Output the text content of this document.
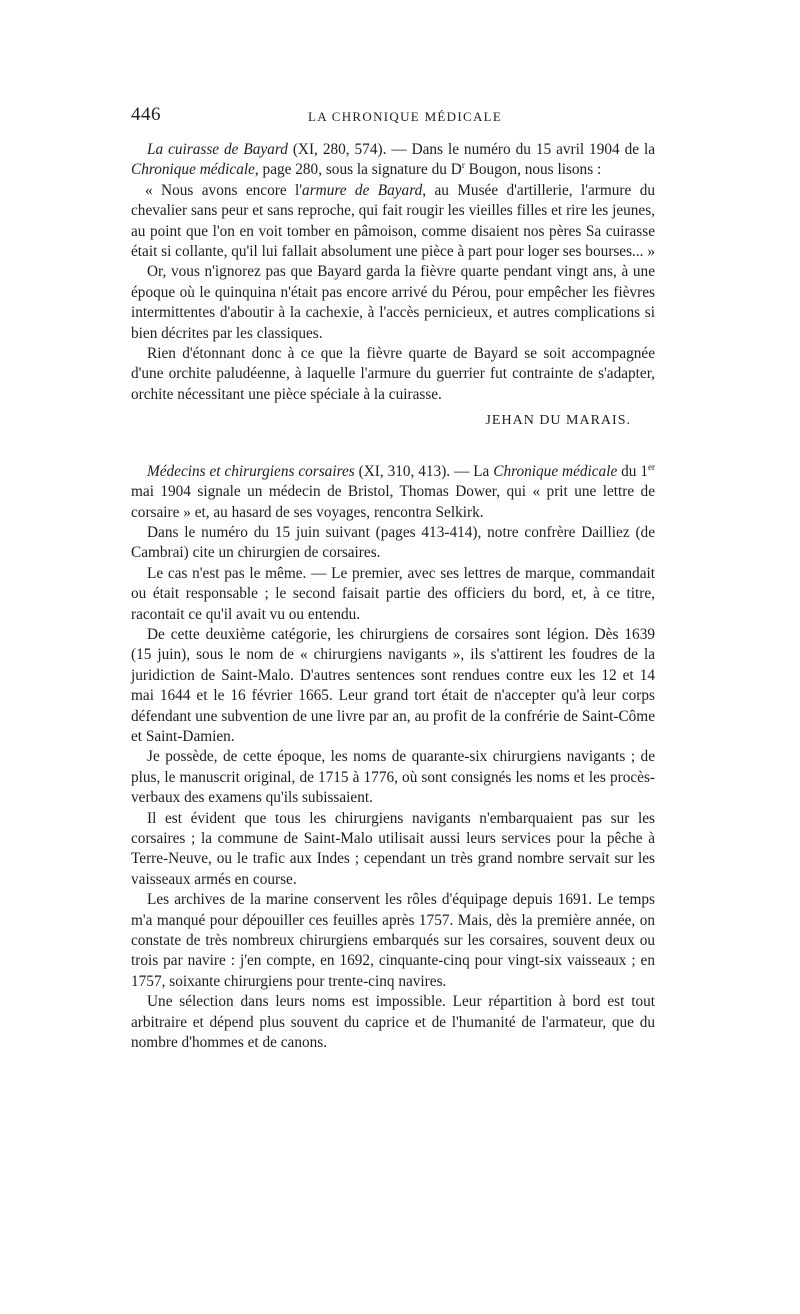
446	LA CHRONIQUE MÉDICALE

La cuirasse de Bayard (XI, 280, 574). — Dans le numéro du 15 avril 1904 de la Chronique médicale, page 280, sous la signature du $D^r$ Bougon, nous lisons :

« Nous avons encore l'armure de Bayard, au Musée d'artillerie, l'armure du chevalier sans peur et sans reproche, qui fait rougir les vieilles filles et rire les jeunes, au point que l'on en voit tomber en pâmoison, comme disaient nos pères Sa cuirasse était si collante, qu'il lui fallait absolument une pièce à part pour loger ses bourses... »

Or, vous n'ignorez pas que Bayard garda la fièvre quarte pendant vingt ans, à une époque où le quinquina n'était pas encore arrivé du Pérou, pour empêcher les fièvres intermittentes d'aboutir à la cachexie, à l'accès pernicieux, et autres complications si bien décrites par les classiques.

Rien d'étonnant donc à ce que la fièvre quarte de Bayard se soit accompagnée d'une orchite paludéenne, à laquelle l'armure du guerrier fut contrainte de s'adapter, orchite nécessitant une pièce spéciale à la cuirasse.

JEHAN DU MARAIS.

Médecins et chirurgiens corsaires (XI, 310, 413). — La Chronique médicale du 1er mai 1904 signale un médecin de Bristol, Thomas Dower, qui « prit une lettre de corsaire » et, au hasard de ses voyages, rencontra Selkirk.

Dans le numéro du 15 juin suivant (pages 413-414), notre confrère Dailliez (de Cambrai) cite un chirurgien de corsaires.

Le cas n'est pas le même. — Le premier, avec ses lettres de marque, commandait ou était responsable ; le second faisait partie des officiers du bord, et, à ce titre, racontait ce qu'il avait vu ou entendu.

De cette deuxième catégorie, les chirurgiens de corsaires sont légion. Dès 1639 (15 juin), sous le nom de « chirurgiens navigants », ils s'attirent les foudres de la juridiction de Saint-Malo. D'autres sentences sont rendues contre eux les 12 et 14 mai 1644 et le 16 février 1665. Leur grand tort était de n'accepter qu'à leur corps défendant une subvention de une livre par an, au profit de la confrérie de Saint-Côme et Saint-Damien.

Je possède, de cette époque, les noms de quarante-six chirurgiens navigants ; de plus, le manuscrit original, de 1715 à 1776, où sont consignés les noms et les procès-verbaux des examens qu'ils subissaient.

Il est évident que tous les chirurgiens navigants n'embarquaient pas sur les corsaires ; la commune de Saint-Malo utilisait aussi leurs services pour la pêche à Terre-Neuve, ou le trafic aux Indes ; cependant un très grand nombre servait sur les vaisseaux armés en course.

Les archives de la marine conservent les rôles d'équipage depuis 1691. Le temps m'a manqué pour dépouiller ces feuilles après 1757. Mais, dès la première année, on constate de très nombreux chirurgiens embarqués sur les corsaires, souvent deux ou trois par navire : j'en compte, en 1692, cinquante-cinq pour vingt-six vaisseaux ; en 1757, soixante chirurgiens pour trente-cinq navires.

Une sélection dans leurs noms est impossible. Leur répartition à bord est tout arbitraire et dépend plus souvent du caprice et de l'humanité de l'armateur, que du nombre d'hommes et de canons.
